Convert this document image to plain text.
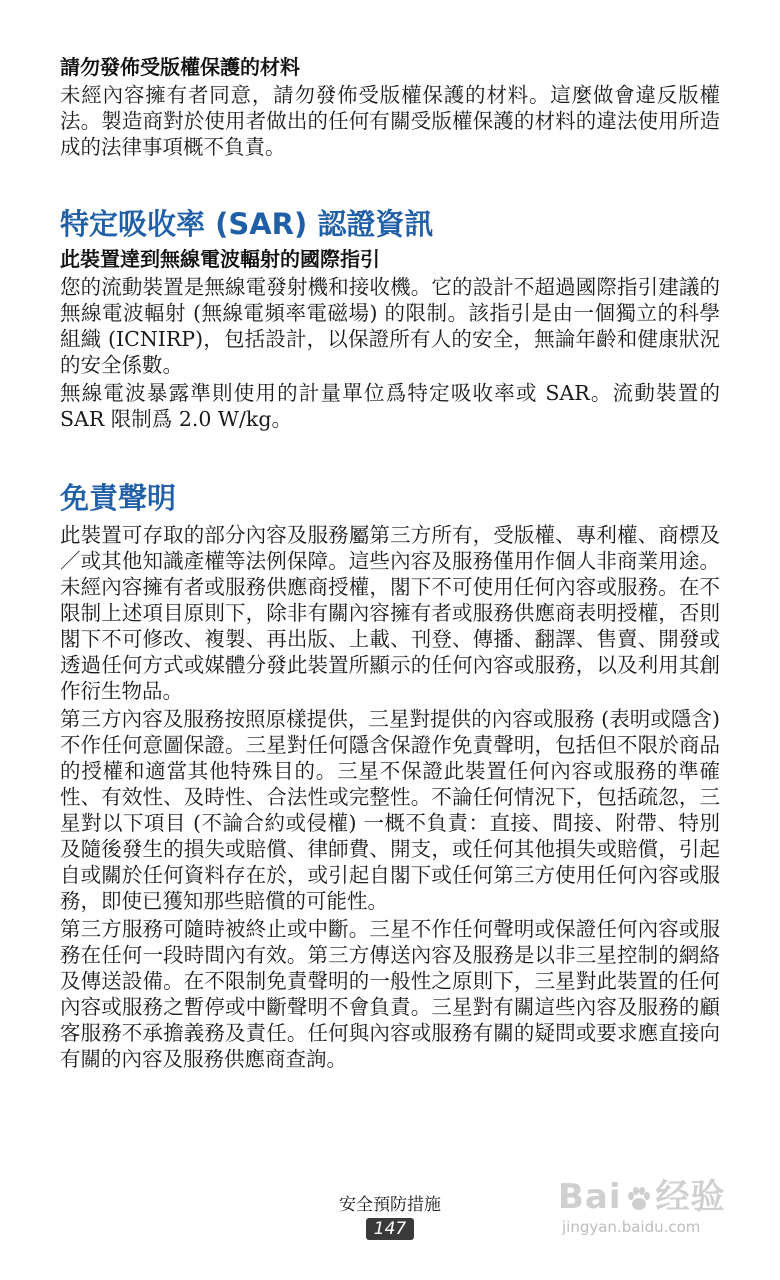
請勿發佈受版權保護的材料

未經內容擁有者同意，請勿發佈受版權保護的材料。這麼做會違反版權法。製造商對於使用者做出的任何有關受版權保護的材料的違法使用所造成的法律事項概不負責。

特定吸收率 (SAR) 認證資訊
此裝置達到無線電波輻射的國際指引

您的流動裝置是無線電發射機和接收機。它的設計不超過國際指引建議的無線電波輻射 (無線電頻率電磁場) 的限制。該指引是由一個獨立的科學組織 (ICNIRP)，包括設計，以保證所有人的安全，無論年齡和健康狀況的安全係數。

無線電波暴露準則使用的計量單位爲特定吸收率或 SAR。流動裝置的 SAR 限制爲 2.0 W/kg。

免責聲明

此裝置可存取的部分內容及服務屬第三方所有，受版權、專利權、商標及／或其他知識產權等法例保障。這些內容及服務僅用作個人非商業用途。未經內容擁有者或服務供應商授權，閣下不可使用任何內容或服務。在不限制上述項目原則下，除非有關內容擁有者或服務供應商表明授權，否則閣下不可修改、複製、再出版、上載、刊登、傳播、翻譯、售賣、開發或透過任何方式或媒體分發此裝置所顯示的任何內容或服務，以及利用其創作衍生物品。

第三方內容及服務按照原樣提供，三星對提供的內容或服務 (表明或隱含) 不作任何意圖保證。三星對任何隱含保證作免責聲明，包括但不限於商品的授權和適當其他特殊目的。三星不保證此裝置任何內容或服務的準確性、有效性、及時性、合法性或完整性。不論任何情況下，包括疏忽，三星對以下項目 (不論合約或侵權) 一概不負責：直接、間接、附帶、特別及隨後發生的損失或賠償、律師費、開支，或任何其他損失或賠償，引起自或關於任何資料存在於，或引起自閣下或任何第三方使用任何內容或服務，即使已獲知那些賠償的可能性。

第三方服務可隨時被終止或中斷。三星不作任何聲明或保證任何內容或服務在任何一段時間內有效。第三方傳送內容及服務是以非三星控制的網絡及傳送設備。在不限制免責聲明的一般性之原則下，三星對此裝置的任何內容或服務之暫停或中斷聲明不會負責。三星對有關這些內容及服務的顧客服務不承擔義務及責任。任何與內容或服務有關的疑問或要求應直接向有關的內容及服務供應商查詢。

安全預防措施
147
Bai 经验
jingyan.baidu.com
